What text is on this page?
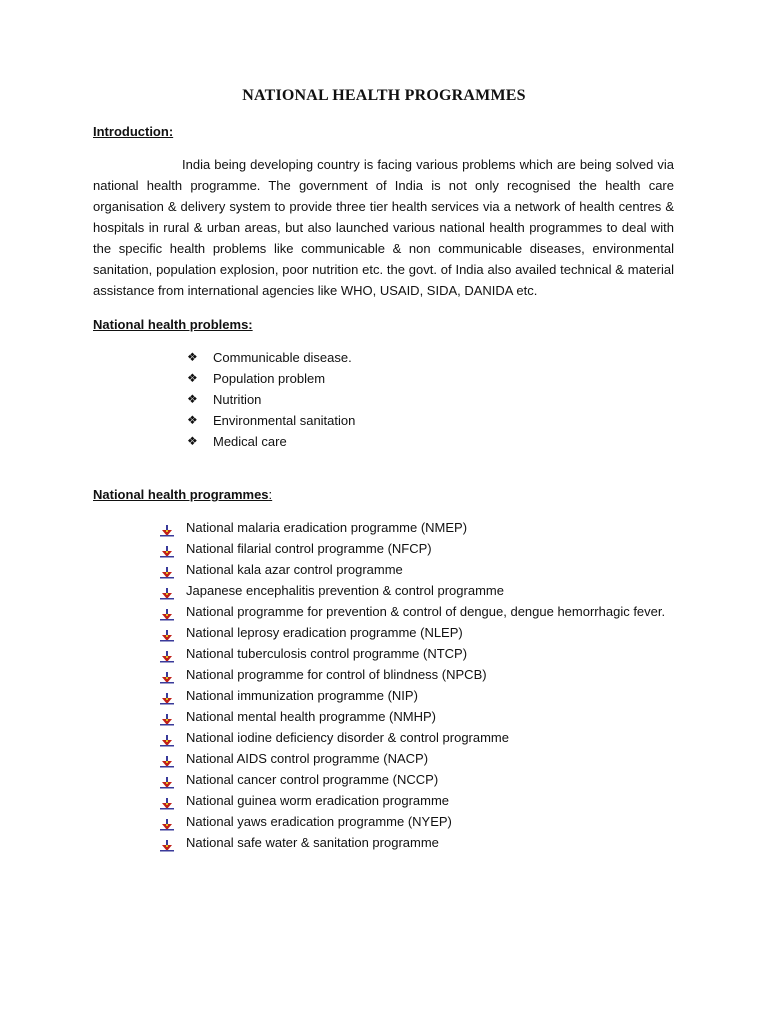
NATIONAL HEALTH PROGRAMMES
Introduction:
India being developing country is facing various problems which are being solved via national health programme. The government of India is not only recognised the health care organisation & delivery system to provide three tier health services via a network of health centres & hospitals in rural & urban areas, but also launched various national health programmes to deal with the specific health problems like communicable & non communicable diseases, environmental sanitation, population explosion, poor nutrition etc. the govt. of India also availed technical & material assistance from international agencies like WHO, USAID, SIDA, DANIDA etc.
National health problems:
❖ Communicable disease.
❖ Population problem
❖ Nutrition
❖ Environmental sanitation
❖ Medical care
National health programmes:
National malaria eradication programme (NMEP)
National filarial control programme (NFCP)
National kala azar control programme
Japanese encephalitis prevention & control programme
National programme for prevention & control of dengue, dengue hemorrhagic fever.
National leprosy eradication programme (NLEP)
National tuberculosis control programme (NTCP)
National programme for control of blindness (NPCB)
National immunization programme (NIP)
National mental health programme (NMHP)
National iodine deficiency disorder & control programme
National AIDS control programme (NACP)
National cancer control programme (NCCP)
National guinea worm eradication programme
National yaws eradication programme (NYEP)
National safe water & sanitation programme
